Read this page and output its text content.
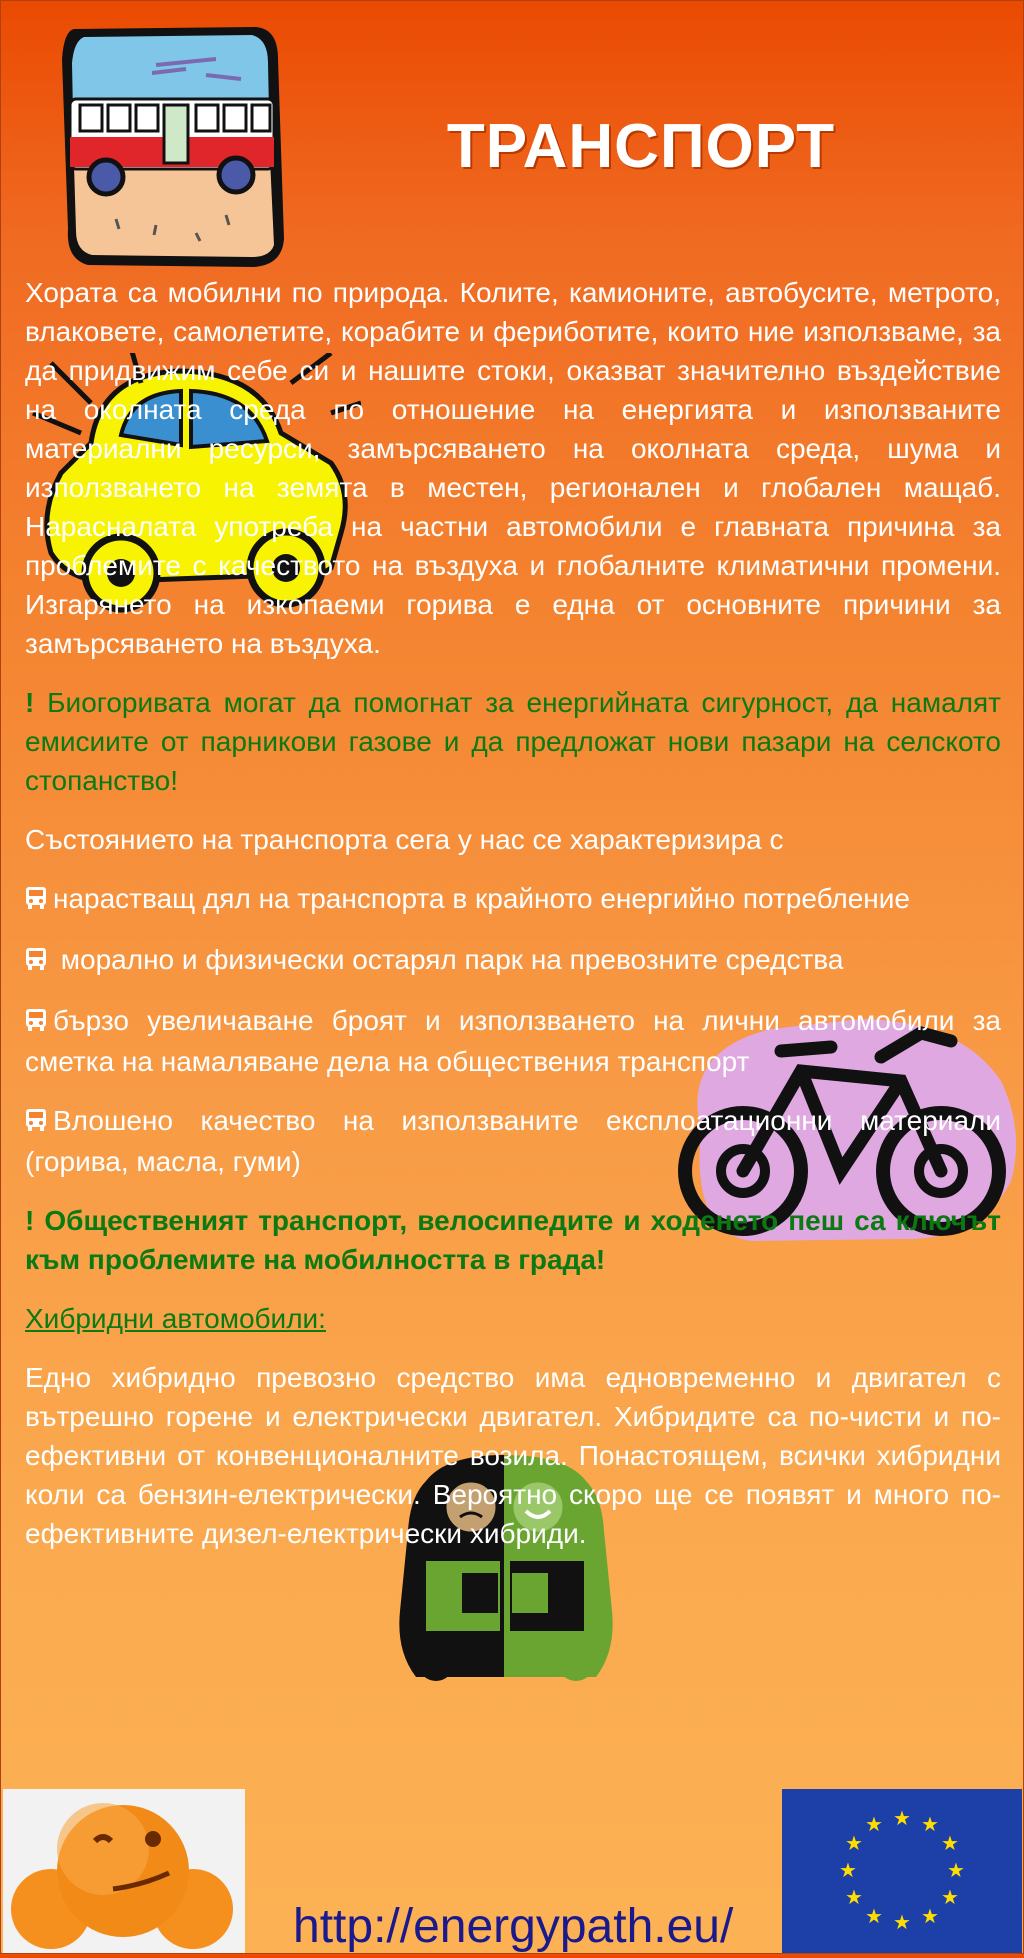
ТРАНСПОРТ

Хората са мобилни по природа. Колите, камионите, автобусите, метрото, влаковете, самолетите, корабите и фериботите, които ние използваме, за да придвижим себе си и нашите стоки, оказват значително въздействие на околната среда по отношение на енергията и използваните материални ресурси, замърсяването на околната среда, шума и използването на земята в местен, регионален и глобален мащаб. Нарасналата употреба на частни автомобили е главната причина за проблемите с качеството на въздуха и глобалните климатични промени. Изгарянето на изкопаеми горива е една от основните причини за замърсяването на въздуха.

! Биогоривата могат да помогнат за енергийната сигурност, да намалят емисиите от парникови газове и да предложат нови пазари на селското стопанство!

Състоянието на транспорта сега у нас се характеризира с

нарастващ дял на транспорта в крайното енергийно потребление

морално и физически остарял парк на превозните средства

бързо увеличаване броят и използването на лични автомобили за сметка на намаляване дела на обществения транспорт

Влошено качество на използваните експлоатационни материали (горива, масла, гуми)

! Общественият транспорт, велосипедите и ходенето пеш са ключът към проблемите на мобилността в града!

Хибридни автомобили:

Едно хибридно превозно средство има едновременно и двигател с вътрешно горене и електрически двигател. Хибридите са по-чисти и по-ефективни от конвенционалните возила. Понастоящем, всички хибридни коли са бензин-електрически. Вероятно скоро ще се появят и много по-ефективните дизел-електрически хибриди.

http://energypath.eu/
★ ★
★
★
★
★
★
★
★
★
★
★
